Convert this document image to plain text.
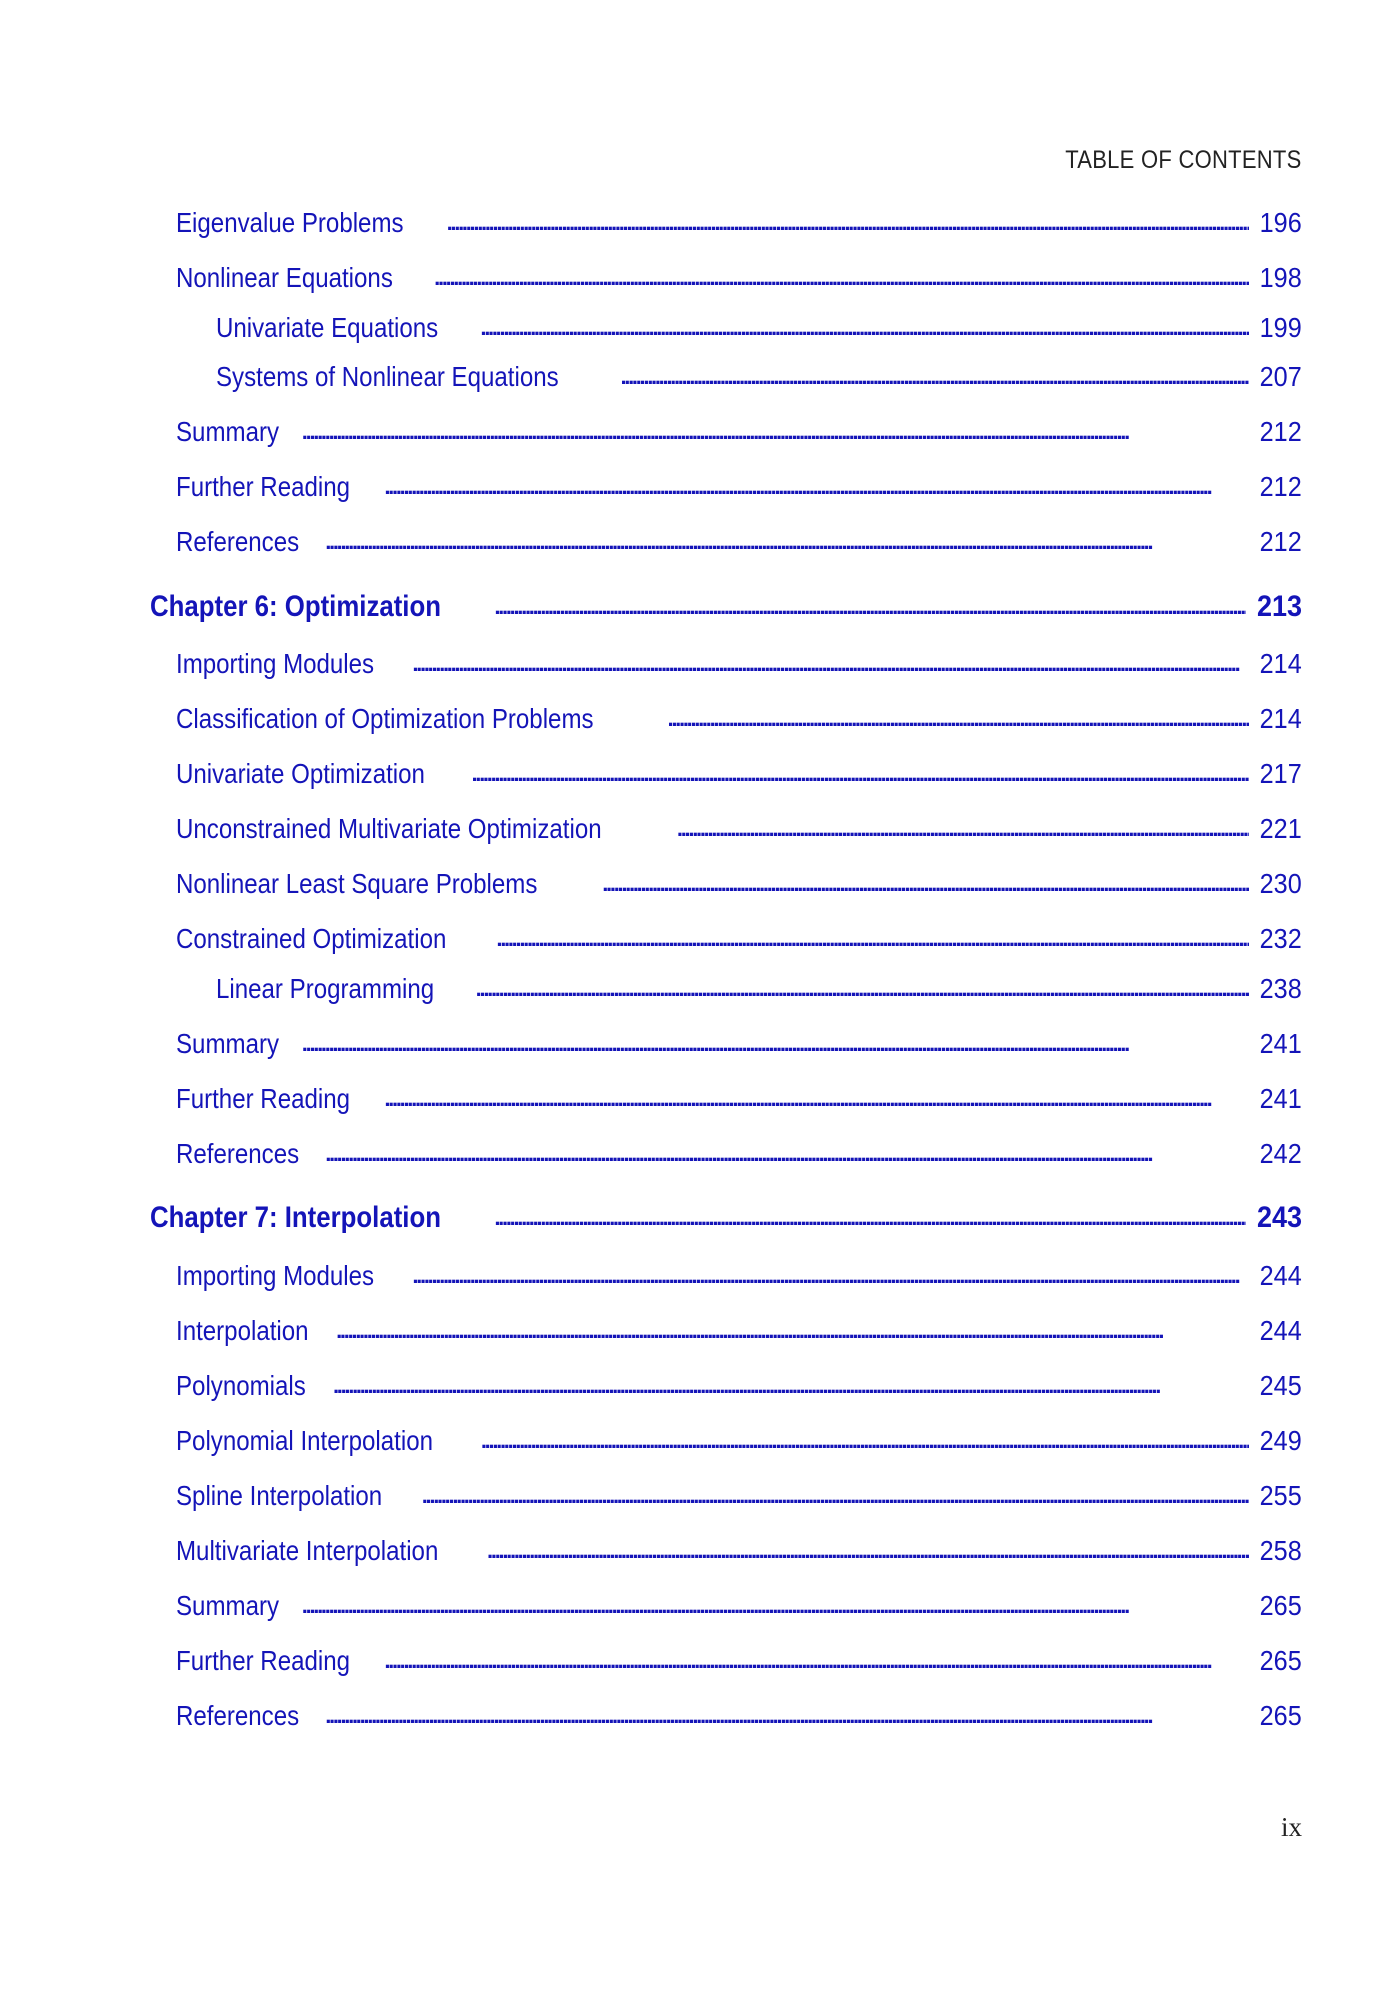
TABLE OF CONTENTS
Eigenvalue Problems . . .	196
Nonlinear Equations . . .	198
Univariate Equations . . .	199
Systems of Nonlinear Equations . . .	207
Summary . . .	212
Further Reading . . .	212
References . . .	212
Chapter 6: Optimization . . .	213
Importing Modules . . .	214
Classification of Optimization Problems . . .	214
Univariate Optimization . . .	217
Unconstrained Multivariate Optimization . . .	221
Nonlinear Least Square Problems . . .	230
Constrained Optimization . . .	232
Linear Programming . . .	238
Summary . . .	241
Further Reading . . .	241
References . . .	242
Chapter 7: Interpolation . . .	243
Importing Modules . . .	244
Interpolation . . .	244
Polynomials . . .	245
Polynomial Interpolation . . .	249
Spline Interpolation . . .	255
Multivariate Interpolation . . .	258
Summary . . .	265
Further Reading . . .	265
References . . .	265
ix
